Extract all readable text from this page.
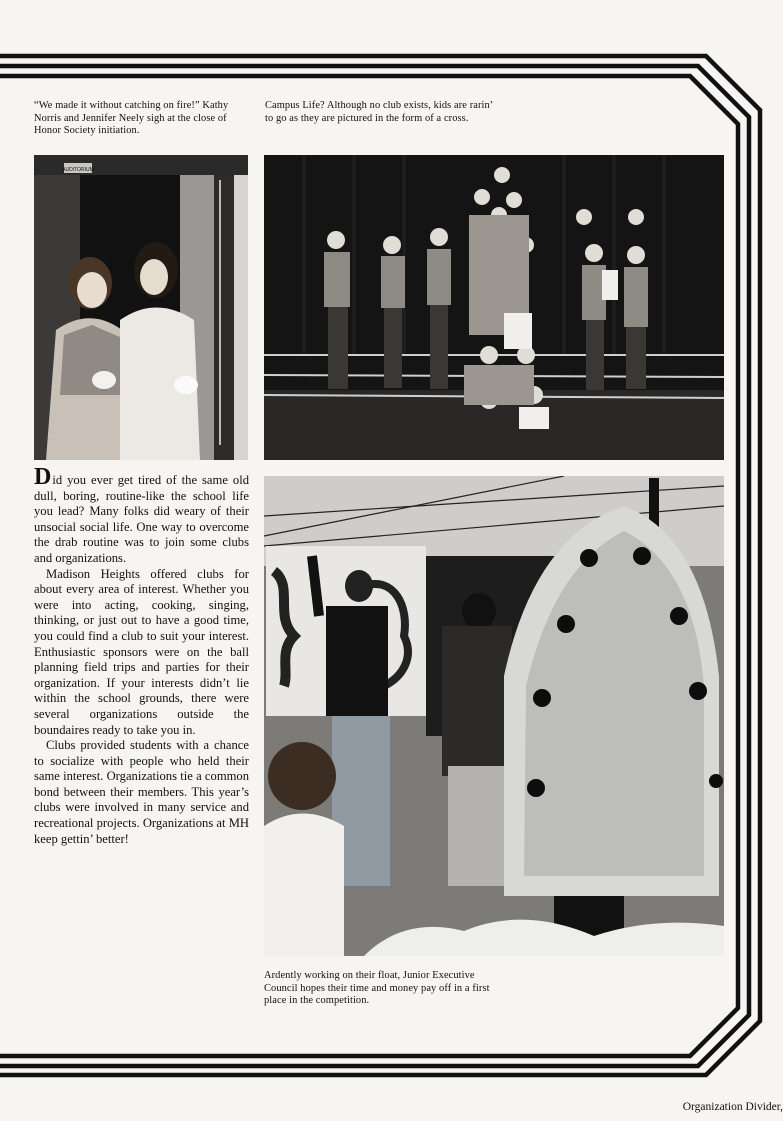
“We made it without catching on fire!” Kathy Norris and Jennifer Neely sigh at the close of Honor Society initiation.

Campus Life? Although no club exists, kids are rarin’ to go as they are pictured in the form of a cross.

AUDITORIUM

Did you ever get tired of the same old dull, boring, routine-like the school life you lead? Many folks did weary of their unsocial social life. One way to overcome the drab routine was to join some clubs and organizations.

Madison Heights offered clubs for about every area of interest. Whether you were into acting, cooking, singing, thinking, or just out to have a good time, you could find a club to suit your interest. Enthusiastic sponsors were on the ball planning field trips and parties for their organization. If your interests didn’t lie within the school grounds, there were several organizations outside the boundaires ready to take you in.

Clubs provided students with a chance to socialize with people who held their same interest. Organizations tie a common bond between their members. This year’s clubs were involved in many service and recreational projects. Organizations at MH keep gettin’ better!

Ardently working on their float, Junior Executive Council hopes their time and money pay off in a first place in the competition.

Organization Divider,
